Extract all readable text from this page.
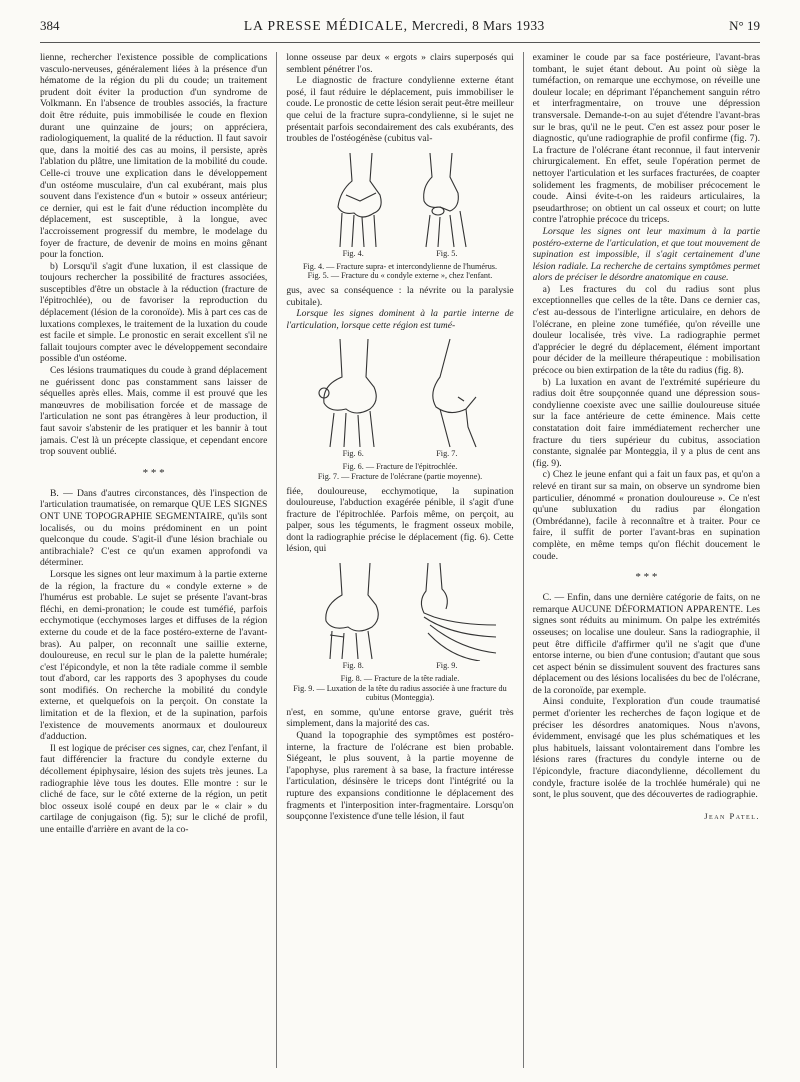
384	LA PRESSE MÉDICALE, Mercredi, 8 Mars 1933	N° 19

lienne, rechercher l'existence possible de complications vasculo-nerveuses, généralement liées à la présence d'un hématome de la région du pli du coude; un traitement prudent doit éviter la production d'un syndrome de Volkmann. En l'absence de troubles associés, la fracture doit être réduite, puis immobilisée le coude en flexion durant une quinzaine de jours; on appréciera, radiologiquement, la qualité de la réduction. Il faut savoir que, dans la moitié des cas au moins, il persiste, après l'ablation du plâtre, une limitation de la mobilité du coude. Celle-ci trouve une explication dans le développement d'un ostéome musculaire, d'un cal exubérant, mais plus souvent dans l'existence d'un « butoir » osseux antérieur; ce dernier, qui est le fait d'une réduction incomplète du déplacement, est susceptible, à la longue, avec l'accroissement progressif du membre, le modelage du foyer de fracture, de devenir de moins en moins gênant pour la fonction.

b) Lorsqu'il s'agit d'une luxation, il est classique de toujours rechercher la possibilité de fractures associées, susceptibles d'être un obstacle à la réduction (fracture de l'épitrochlée), ou de favoriser la reproduction du déplacement (lésion de la coronoïde). Mis à part ces cas de luxations complexes, le traitement de la luxation du coude est facile et simple. Le pronostic en serait excellent s'il ne fallait toujours compter avec le développement secondaire possible d'un ostéome.

Ces lésions traumatiques du coude à grand déplacement ne guérissent donc pas constamment sans laisser de séquelles après elles. Mais, comme il est prouvé que les manœuvres de mobilisation forcée et de massage de l'articulation ne sont pas étrangères à leur production, il faut savoir s'abstenir de les pratiquer et les bannir à tout jamais. C'est là un précepte classique, et cependant encore trop souvent oublié.

* * *

B. — Dans d'autres circonstances, dès l'inspection de l'articulation traumatisée, on remarque QUE LES SIGNES ONT UNE TOPOGRAPHIE SEGMENTAIRE, qu'ils sont localisés, ou du moins prédominent en un point quelconque du coude. S'agit-il d'une lésion brachiale ou antibrachiale? C'est ce qu'un examen approfondi va déterminer.

Lorsque les signes ont leur maximum à la partie externe de la région, la fracture du « condyle externe » de l'humérus est probable. Le sujet se présente l'avant-bras fléchi, en demi-pronation; le coude est tuméfié, parfois ecchymotique (ecchymoses larges et diffuses de la région externe du coude et de la face postéro-externe de l'avant-bras). Au palper, on reconnaît une saillie externe, douloureuse, en recul sur le plan de la palette humérale; c'est l'épicondyle, et non la tête radiale comme il semble tout d'abord, car les rapports des 3 apophyses du coude sont modifiés. On recherche la mobilité du condyle externe, et quelquefois on la perçoit. On constate la limitation et de la flexion, et de la supination, parfois l'existence de mouvements anormaux et douloureux d'adduction.

Il est logique de préciser ces signes, car, chez l'enfant, il faut différencier la fracture du condyle externe du décollement épiphysaire, lésion des sujets très jeunes. La radiographie lève tous les doutes. Elle montre : sur le cliché de face, sur le côté externe de la région, un petit bloc osseux isolé coupé en deux par le « clair » du cartilage de conjugaison (fig. 5); sur le cliché de profil, une entaille d'arrière en avant de la co-

lonne osseuse par deux « ergots » clairs superposés qui semblent pénétrer l'os.

Le diagnostic de fracture condylienne externe étant posé, il faut réduire le déplacement, puis immobiliser le coude. Le pronostic de cette lésion serait peut-être meilleur que celui de la fracture supra-condylienne, si le sujet ne présentait parfois secondairement des cals exubérants, des troubles de l'ostéogénèse (cubitus val-

Fig. 4.	Fig. 5.

Fig. 4. — Fracture supra- et intercondylienne de l'humérus.

Fig. 5. — Fracture du « condyle externe », chez l'enfant.

gus, avec sa conséquence : la névrite ou la paralysie cubitale).

Lorsque les signes dominent à la partie interne de l'articulation, lorsque cette région est tumé-

Fig. 6.	Fig. 7.

Fig. 6. — Fracture de l'épitrochlée.

Fig. 7. — Fracture de l'olécrane (partie moyenne).

fiée, douloureuse, ecchymotique, la supination douloureuse, l'abduction exagérée pénible, il s'agit d'une fracture de l'épitrochlée. Parfois même, on perçoit, au palper, sous les téguments, le fragment osseux mobile, dont la radiographie précise le déplacement (fig. 6). Cette lésion, qui

Fig. 8.	Fig. 9.

Fig. 8. — Fracture de la tête radiale.

Fig. 9. — Luxation de la tête du radius associée à une fracture du cubitus (Monteggia).

n'est, en somme, qu'une entorse grave, guérit très simplement, dans la majorité des cas.

Quand la topographie des symptômes est postéro-interne, la fracture de l'olécrane est bien probable. Siégeant, le plus souvent, à la partie moyenne de l'apophyse, plus rarement à sa base, la fracture intéresse l'articulation, désinsère le triceps dont l'intégrité ou la rupture des expansions conditionne le déplacement des fragments et l'interposition inter-fragmentaire. Lorsqu'on soupçonne l'existence d'une telle lésion, il faut

examiner le coude par sa face postérieure, l'avant-bras tombant, le sujet étant debout. Au point où siège la tuméfaction, on remarque une ecchymose, on réveille une douleur locale; en déprimant l'épanchement sanguin rétro et interfragmentaire, on trouve une dépression transversale. Demande-t-on au sujet d'étendre l'avant-bras sur le bras, qu'il ne le peut. C'en est assez pour poser le diagnostic, qu'une radiographie de profil confirme (fig. 7). La fracture de l'olécrane étant reconnue, il faut intervenir chirurgicalement. En effet, seule l'opération permet de nettoyer l'articulation et les surfaces fracturées, de coapter solidement les fragments, de mobiliser précocement le coude. Ainsi évite-t-on les raideurs articulaires, la pseudarthrose; on obtient un cal osseux et court; on lutte contre l'atrophie précoce du triceps.

Lorsque les signes ont leur maximum à la partie postéro-externe de l'articulation, et que tout mouvement de supination est impossible, il s'agit certainement d'une lésion radiale. La recherche de certains symptômes permet alors de préciser le désordre anatomique en cause.

a) Les fractures du col du radius sont plus exceptionnelles que celles de la tête. Dans ce dernier cas, c'est au-dessous de l'interligne articulaire, en dehors de l'olécrane, en pleine zone tuméfiée, qu'on réveille une douleur localisée, très vive. La radiographie permet d'apprécier le degré du déplacement, élément important pour décider de la meilleure thérapeutique : mobilisation précoce ou bien extirpation de la tête du radius (fig. 8).

b) La luxation en avant de l'extrémité supérieure du radius doit être soupçonnée quand une dépression sous-condylienne coexiste avec une saillie douloureuse située sur la face antérieure de cette éminence. Mais cette constatation doit faire immédiatement rechercher une fracture du tiers supérieur du cubitus, association constante, signalée par Monteggia, il y a plus de cent ans (fig. 9).

c) Chez le jeune enfant qui a fait un faux pas, et qu'on a relevé en tirant sur sa main, on observe un syndrome bien particulier, dénommé « pronation douloureuse ». Ce n'est qu'une subluxation du radius par élongation (Ombrédanne), facile à reconnaître et à traiter. Pour ce faire, il suffit de porter l'avant-bras en supination complète, en même temps qu'on fléchit doucement le coude.

* * *

C. — Enfin, dans une dernière catégorie de faits, on ne remarque AUCUNE DÉFORMATION APPARENTE. Les signes sont réduits au minimum. On palpe les extrémités osseuses; on localise une douleur. Sans la radiographie, il peut être difficile d'affirmer qu'il ne s'agit que d'une entorse interne, ou bien d'une contusion; d'autant que sous cet aspect bénin se dissimulent souvent des fractures sans déplacement ou des lésions localisées du bec de l'olécrane, de la coronoïde, par exemple.

Ainsi conduite, l'exploration d'un coude traumatisé permet d'orienter les recherches de façon logique et de préciser les désordres anatomiques. Nous n'avons, évidemment, envisagé que les plus schématiques et les plus habituels, laissant volontairement dans l'ombre les lésions rares (fractures du condyle interne ou de l'épicondyle, fracture diacondylienne, décollement du condyle, fracture isolée de la trochlée humérale) qui ne sont, le plus souvent, que des découvertes de radiographie.

Jean Patel.
